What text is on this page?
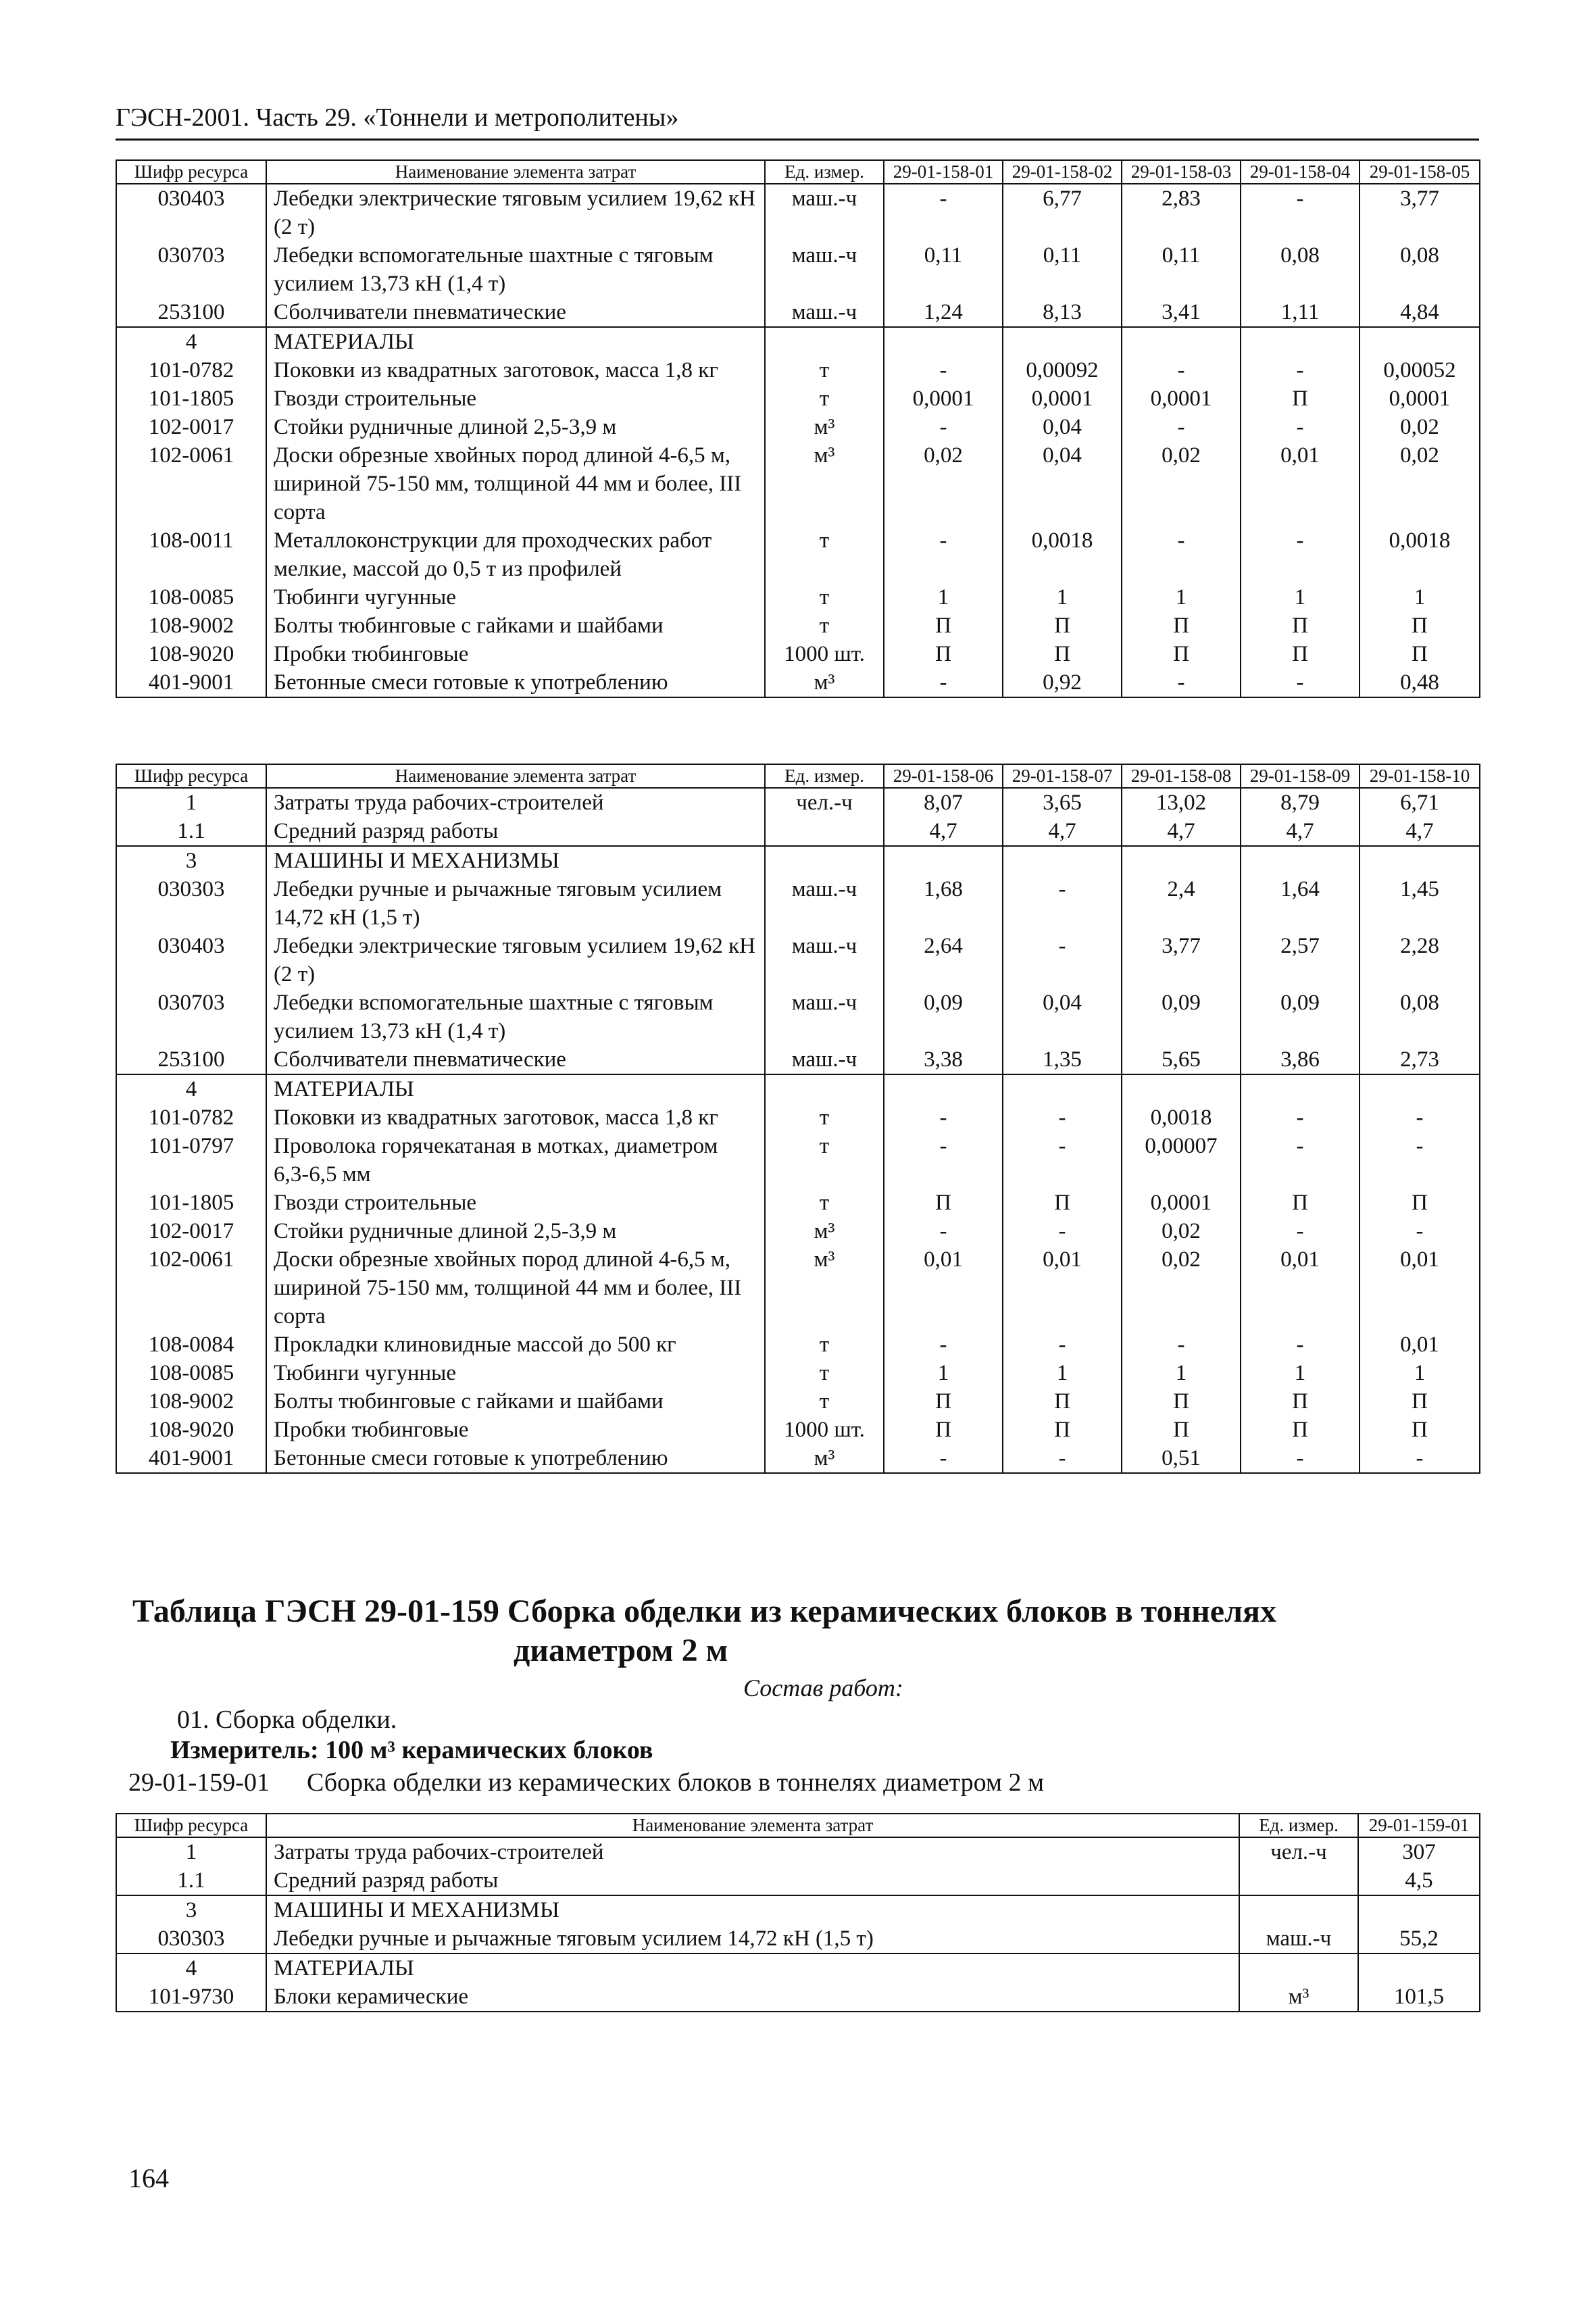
ГЭСН-2001. Часть 29. «Тоннели и метрополитены»
Шифр ресурса	Наименование элемента затрат	Ед. измер.	29-01-158-01	29-01-158-02	29-01-158-03	29-01-158-04	29-01-158-05
030403	Лебедки электрические тяговым усилием 19,62 кН (2 т)	маш.-ч	-	6,77	2,83	-	3,77
030703	Лебедки вспомогательные шахтные с тяговым усилием 13,73 кН (1,4 т)	маш.-ч	0,11	0,11	0,11	0,08	0,08
253100	Сболчиватели пневматические	маш.-ч	1,24	8,13	3,41	1,11	4,84
4	МАТЕРИАЛЫ						
101-0782	Поковки из квадратных заготовок, масса 1,8 кг	т	-	0,00092	-	-	0,00052
101-1805	Гвозди строительные	т	0,0001	0,0001	0,0001	П	0,0001
102-0017	Стойки рудничные длиной 2,5-3,9 м	м³	-	0,04	-	-	0,02
102-0061	Доски обрезные хвойных пород длиной 4-6,5 м, шириной 75-150 мм, толщиной 44 мм и более, III сорта	м³	0,02	0,04	0,02	0,01	0,02
108-0011	Металлоконструкции для проходческих работ мелкие, массой до 0,5 т из профилей	т	-	0,0018	-	-	0,0018
108-0085	Тюбинги чугунные	т	1	1	1	1	1
108-9002	Болты тюбинговые с гайками и шайбами	т	П	П	П	П	П
108-9020	Пробки тюбинговые	1000 шт.	П	П	П	П	П
401-9001	Бетонные смеси готовые к употреблению	м³	-	0,92	-	-	0,48
Шифр ресурса	Наименование элемента затрат	Ед. измер.	29-01-158-06	29-01-158-07	29-01-158-08	29-01-158-09	29-01-158-10
1	Затраты труда рабочих-строителей	чел.-ч	8,07	3,65	13,02	8,79	6,71
1.1	Средний разряд работы		4,7	4,7	4,7	4,7	4,7
3	МАШИНЫ И МЕХАНИЗМЫ						
030303	Лебедки ручные и рычажные тяговым усилием 14,72 кН (1,5 т)	маш.-ч	1,68	-	2,4	1,64	1,45
030403	Лебедки электрические тяговым усилием 19,62 кН (2 т)	маш.-ч	2,64	-	3,77	2,57	2,28
030703	Лебедки вспомогательные шахтные с тяговым усилием 13,73 кН (1,4 т)	маш.-ч	0,09	0,04	0,09	0,09	0,08
253100	Сболчиватели пневматические	маш.-ч	3,38	1,35	5,65	3,86	2,73
4	МАТЕРИАЛЫ						
101-0782	Поковки из квадратных заготовок, масса 1,8 кг	т	-	-	0,0018	-	-
101-0797	Проволока горячекатаная в мотках, диаметром 6,3-6,5 мм	т	-	-	0,00007	-	-
101-1805	Гвозди строительные	т	П	П	0,0001	П	П
102-0017	Стойки рудничные длиной 2,5-3,9 м	м³	-	-	0,02	-	-
102-0061	Доски обрезные хвойных пород длиной 4-6,5 м, шириной 75-150 мм, толщиной 44 мм и более, III сорта	м³	0,01	0,01	0,02	0,01	0,01
108-0084	Прокладки клиновидные массой до 500 кг	т	-	-	-	-	0,01
108-0085	Тюбинги чугунные	т	1	1	1	1	1
108-9002	Болты тюбинговые с гайками и шайбами	т	П	П	П	П	П
108-9020	Пробки тюбинговые	1000 шт.	П	П	П	П	П
401-9001	Бетонные смеси готовые к употреблению	м³	-	-	0,51	-	-
Таблица ГЭСН 29-01-159 Сборка обделки из керамических блоков в тоннелях
диаметром 2 м
Состав работ:
01. Сборка обделки.
Измеритель: 100 м³ керамических блоков
29-01-159-01 Сборка обделки из керамических блоков в тоннелях диаметром 2 м
Шифр ресурса	Наименование элемента затрат	Ед. измер.	29-01-159-01
1	Затраты труда рабочих-строителей	чел.-ч	307
1.1	Средний разряд работы		4,5
3	МАШИНЫ И МЕХАНИЗМЫ		
030303	Лебедки ручные и рычажные тяговым усилием 14,72 кН (1,5 т)	маш.-ч	55,2
4	МАТЕРИАЛЫ		
101-9730	Блоки керамические	м³	101,5
164
